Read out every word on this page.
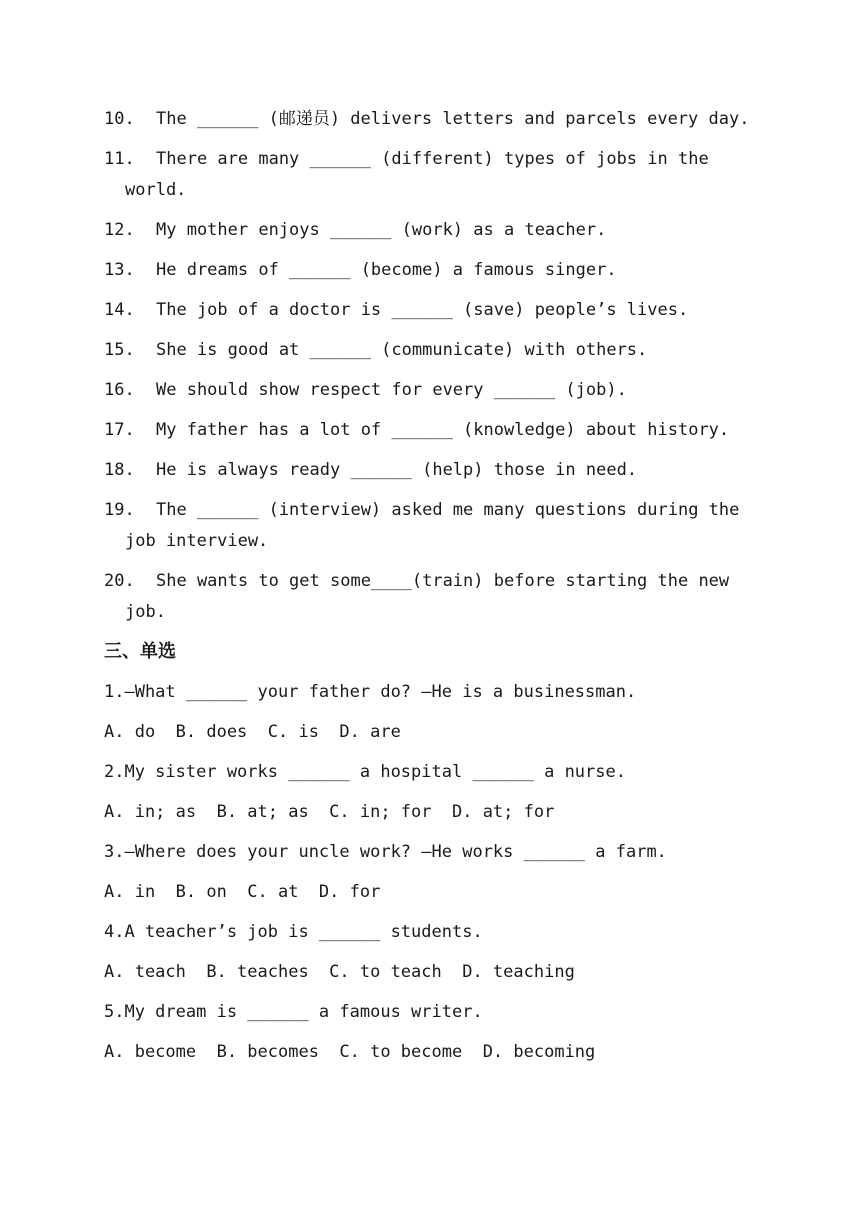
10. The ______ (邮递员) delivers letters and parcels every day.
11. There are many ______ (different) types of jobs in the
world.
12. My mother enjoys ______ (work) as a teacher.
13. He dreams of ______ (become) a famous singer.
14. The job of a doctor is ______ (save) people’s lives.
15. She is good at ______ (communicate) with others.
16. We should show respect for every ______ (job).
17. My father has a lot of ______ (knowledge) about history.
18. He is always ready ______ (help) those in need.
19. The ______ (interview) asked me many questions during the
job interview.
20. She wants to get some____(train) before starting the new
job.
三、单选
1.—What ______ your father do? —He is a businessman.
A. do  B. does  C. is  D. are
2.My sister works ______ a hospital ______ a nurse.
A. in; as  B. at; as  C. in; for  D. at; for
3.—Where does your uncle work? —He works ______ a farm.
A. in  B. on  C. at  D. for
4.A teacher’s job is ______ students.
A. teach  B. teaches  C. to teach  D. teaching
5.My dream is ______ a famous writer.
A. become  B. becomes  C. to become  D. becoming
